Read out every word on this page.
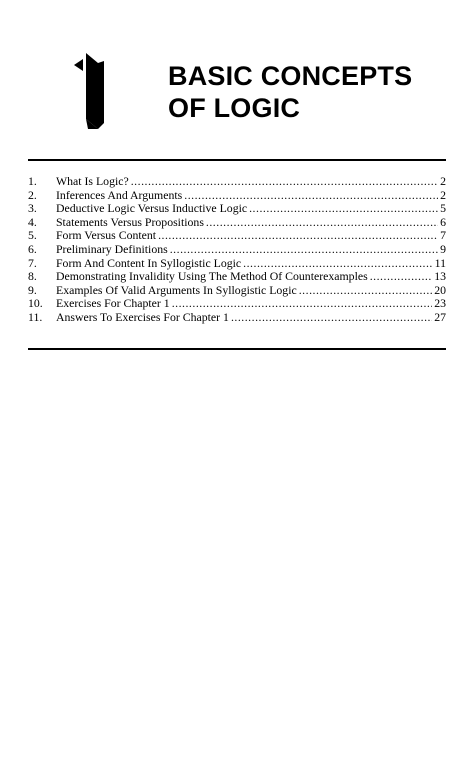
BASIC CONCEPTS
OF LOGIC
1.	What Is Logic? .....	2
2.	Inferences And Arguments .....	2
3.	Deductive Logic Versus Inductive Logic .....	5
4.	Statements Versus Propositions .....	6
5.	Form Versus Content .....	7
6.	Preliminary Definitions .....	9
7.	Form And Content In Syllogistic Logic .....	11
8.	Demonstrating Invalidity Using The Method Of Counterexamples .....	13
9.	Examples Of Valid Arguments In Syllogistic Logic .....	20
10.	Exercises For Chapter 1 .....	23
11.	Answers To Exercises For Chapter 1 .....	27
